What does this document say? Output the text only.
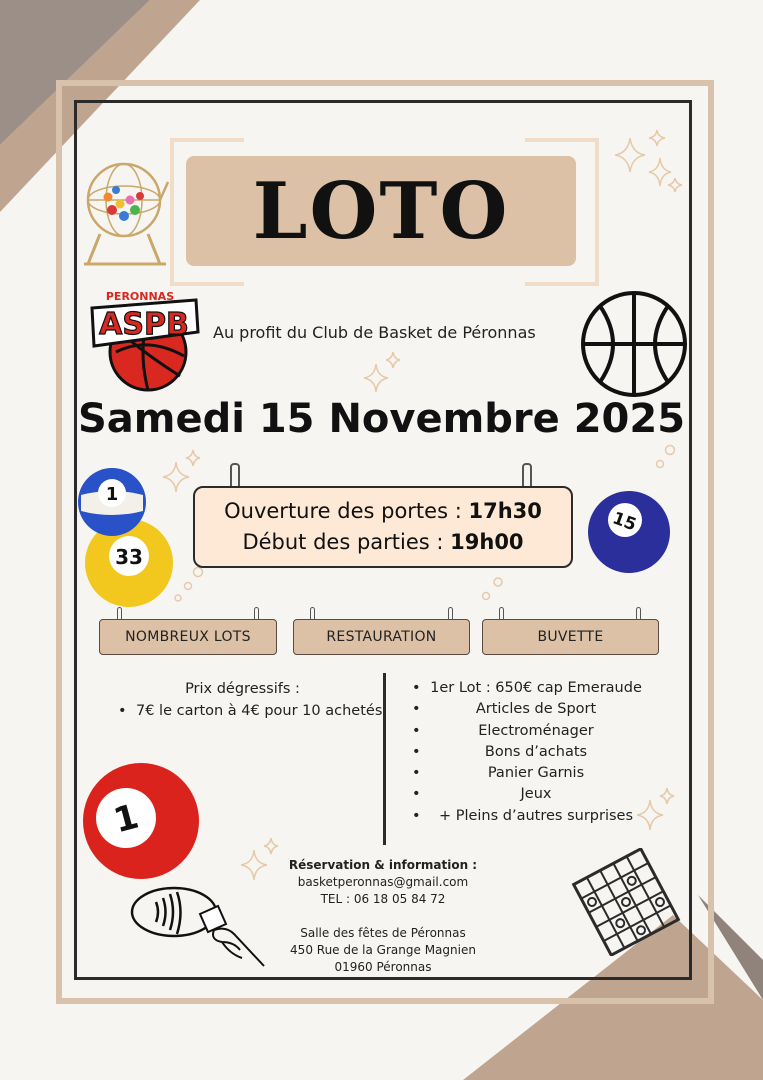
LOTO
ASPB
PERONNAS
Au profit du Club de Basket de Péronnas
Samedi 15 Novembre 2025
Ouverture des portes : 17h30
Début des parties : 19h00
33
1
15
1
NOMBREUX LOTS	RESTAURATION	BUVETTE
Prix dégressifs :
• 7€ le carton à 4€ pour 10 achetés
• 1er Lot : 650€ cap Emeraude
•	Articles de Sport
•	Electroménager
•	Bons d’achats
•	Panier Garnis
•	Jeux
•	+ Pleins d’autres surprises
Réservation & information :
basketperonnas@gmail.com
TEL : 06 18 05 84 72
Salle des fêtes de Péronnas
450 Rue de la Grange Magnien
01960 Péronnas
